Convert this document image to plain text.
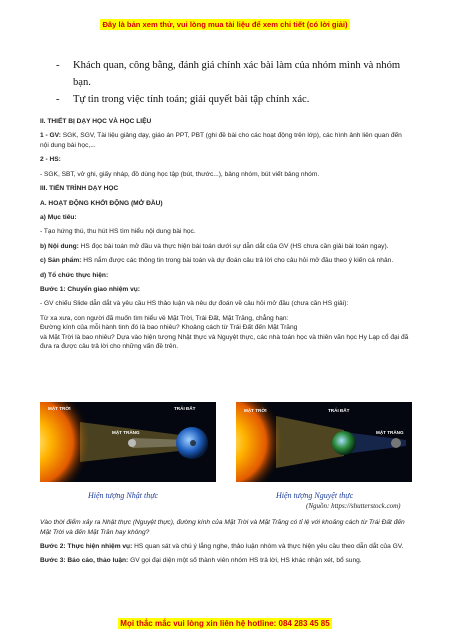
Đây là bản xem thử, vui lòng mua tài liệu để xem chi tiết (có lời giải)
-	Khách quan, công bằng, đánh giá chính xác bài làm của nhóm mình và nhóm bạn.
-	Tự tin trong việc tính toán; giải quyết bài tập chính xác.

II. THIẾT BỊ DẠY HỌC VÀ HỌC LIỆU

1 - GV: SGK, SGV, Tài liệu giảng dạy, giáo án PPT, PBT (ghi đề bài cho các hoạt động trên lớp), các hình ảnh liên quan đến nội dung bài học,...

2 - HS:

- SGK, SBT, vở ghi, giấy nháp, đồ dùng học tập (bút, thước...), bảng nhóm, bút viết bảng nhóm.

III. TIẾN TRÌNH DẠY HỌC

A. HOẠT ĐỘNG KHỞI ĐỘNG (MỞ ĐẦU)

a) Mục tiêu:

- Tạo hứng thú, thu hút HS tìm hiểu nội dung bài học.

b) Nội dung: HS đọc bài toán mở đầu và thực hiện bài toán dưới sự dẫn dắt của GV (HS chưa cần giải bài toán ngay).

c) Sản phẩm: HS nắm được các thông tin trong bài toán và dự đoán câu trả lời cho câu hỏi mở đầu theo ý kiến cá nhân.

d) Tổ chức thực hiện:

Bước 1: Chuyển giao nhiệm vụ:

- GV chiếu Slide dẫn dắt và yêu cầu HS thảo luận và nêu dự đoán về câu hỏi mở đầu (chưa cần HS giải):

Từ xa xưa, con người đã muốn tìm hiểu về Mặt Trời, Trái Đất, Mặt Trăng, chẳng hạn:
Đường kính của mỗi hành tinh đó là bao nhiêu? Khoảng cách từ Trái Đất đến Mặt Trăng
và Mặt Trời là bao nhiêu? Dựa vào hiện tượng Nhật thực và Nguyệt thực, các nhà toán học và thiên văn học Hy Lạp cổ đại đã đưa ra được câu trả lời cho những vấn đề trên.

MẶT TRỜI	TRÁI ĐẤT
MẶT TRĂNG
MẶT TRỜI	TRÁI ĐẤT
MẶT TRĂNG
Hiện tượng Nhật thực	Hiện tượng Nguyệt thực
(Nguồn: https://shutterstock.com)

Vào thời điểm xảy ra Nhật thực (Nguyệt thực), đường kính của Mặt Trời và Mặt Trăng có tỉ lệ với khoảng cách từ Trái Đất đến Mặt Trời và đến Mặt Trăn hay không?

Bước 2: Thực hiện nhiệm vụ: HS quan sát và chú ý lắng nghe, thảo luận nhóm và thực hiện yêu cầu theo dẫn dắt của GV.

Bước 3: Báo cáo, thảo luận: GV gọi đại diện một số thành viên nhóm HS trả lời, HS khác nhận xét, bổ sung.

Mọi thắc mắc vui lòng xin liên hệ hotline: 084 283 45 85
